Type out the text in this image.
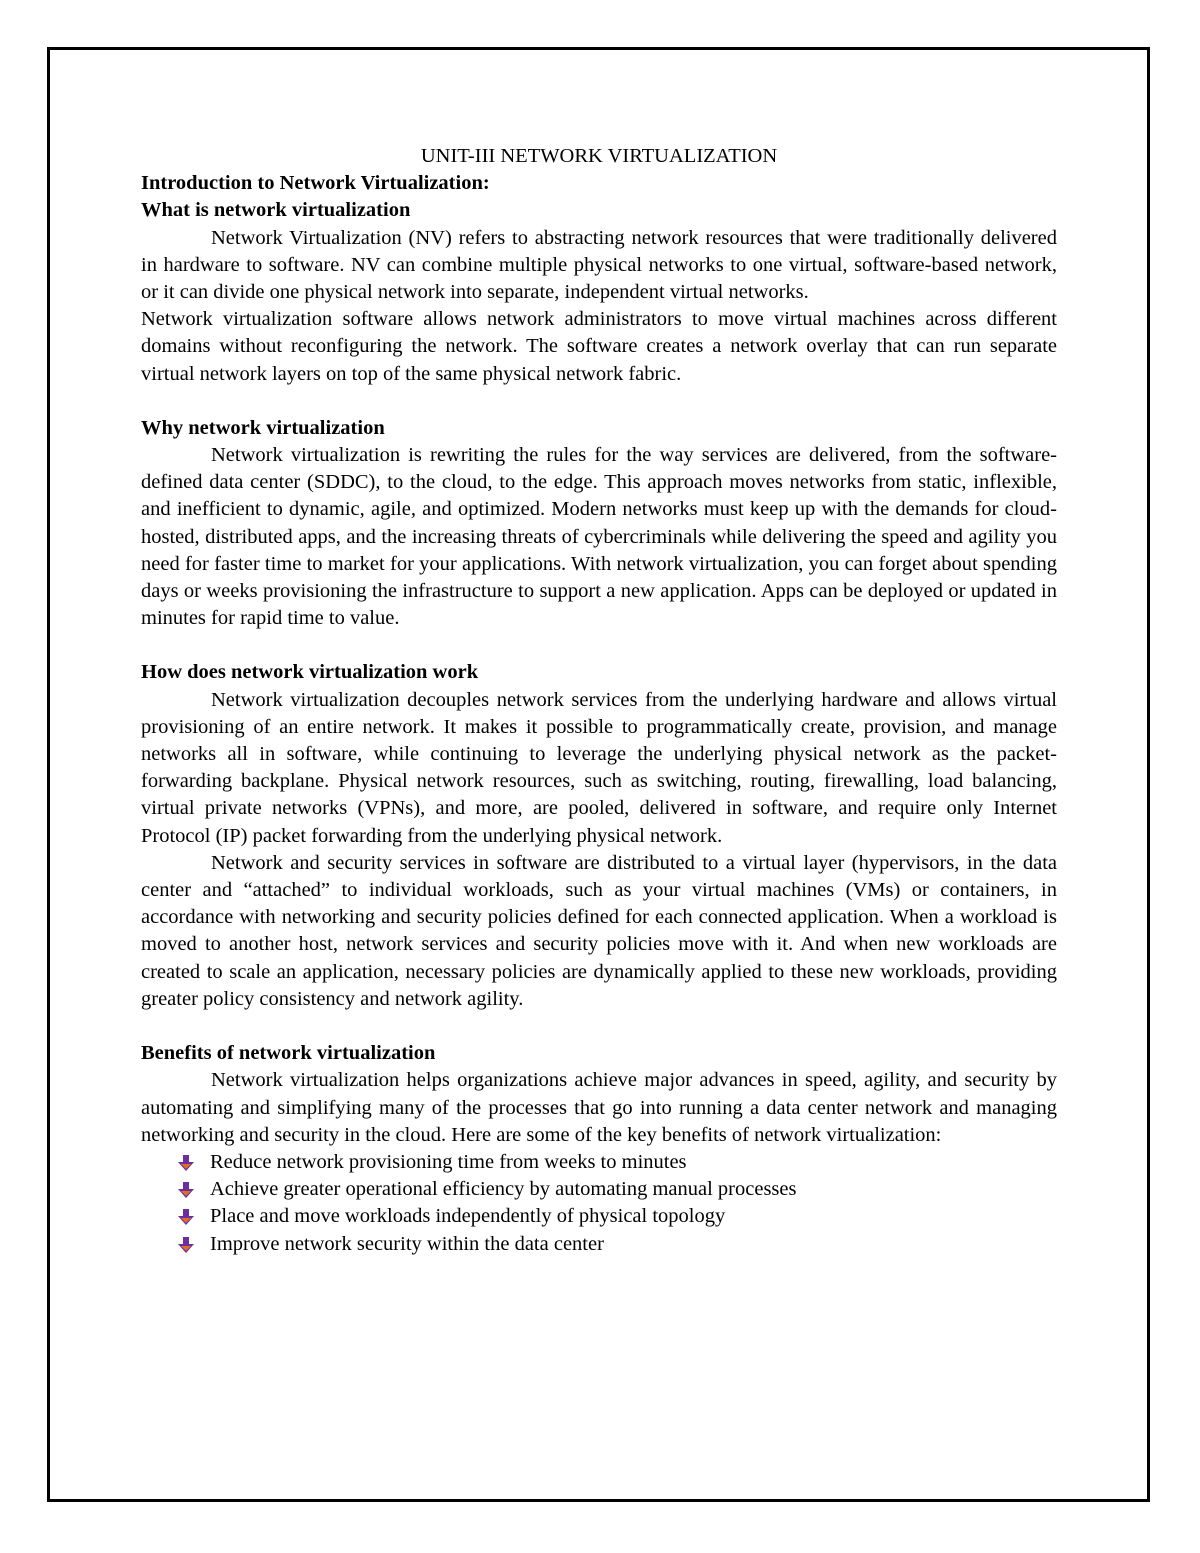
UNIT-III NETWORK VIRTUALIZATION

Introduction to Network Virtualization:

What is network virtualization

Network Virtualization (NV) refers to abstracting network resources that were traditionally delivered in hardware to software. NV can combine multiple physical networks to one virtual, software-based network, or it can divide one physical network into separate, independent virtual networks.

Network virtualization software allows network administrators to move virtual machines across different domains without reconfiguring the network. The software creates a network overlay that can run separate virtual network layers on top of the same physical network fabric.

Why network virtualization

Network virtualization is rewriting the rules for the way services are delivered, from the software-defined data center (SDDC), to the cloud, to the edge. This approach moves networks from static, inflexible, and inefficient to dynamic, agile, and optimized. Modern networks must keep up with the demands for cloud-hosted, distributed apps, and the increasing threats of cybercriminals while delivering the speed and agility you need for faster time to market for your applications. With network virtualization, you can forget about spending days or weeks provisioning the infrastructure to support a new application. Apps can be deployed or updated in minutes for rapid time to value.

How does network virtualization work

Network virtualization decouples network services from the underlying hardware and allows virtual provisioning of an entire network. It makes it possible to programmatically create, provision, and manage networks all in software, while continuing to leverage the underlying physical network as the packet-forwarding backplane. Physical network resources, such as switching, routing, firewalling, load balancing, virtual private networks (VPNs), and more, are pooled, delivered in software, and require only Internet Protocol (IP) packet forwarding from the underlying physical network.

Network and security services in software are distributed to a virtual layer (hypervisors, in the data center and “attached” to individual workloads, such as your virtual machines (VMs) or containers, in accordance with networking and security policies defined for each connected application. When a workload is moved to another host, network services and security policies move with it. And when new workloads are created to scale an application, necessary policies are dynamically applied to these new workloads, providing greater policy consistency and network agility.

Benefits of network virtualization

Network virtualization helps organizations achieve major advances in speed, agility, and security by automating and simplifying many of the processes that go into running a data center network and managing networking and security in the cloud. Here are some of the key benefits of network virtualization:

Reduce network provisioning time from weeks to minutes
Achieve greater operational efficiency by automating manual processes
Place and move workloads independently of physical topology
Improve network security within the data center
